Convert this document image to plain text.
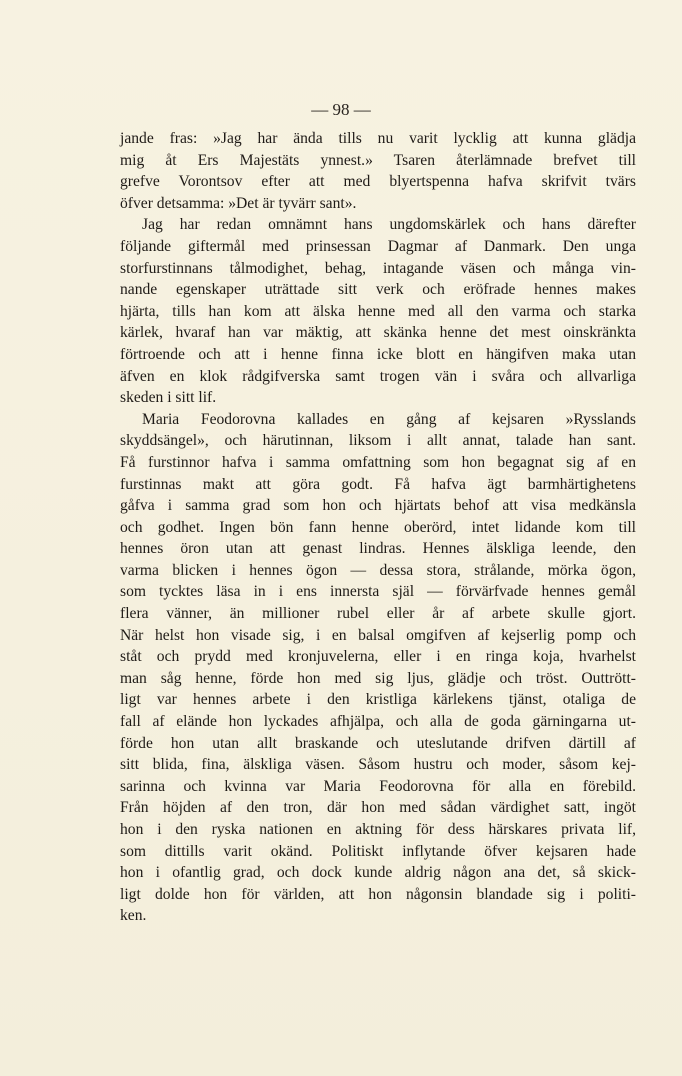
— 98 —
jande fras: »Jag har ända tills nu varit lycklig att kunna glädja
mig åt Ers Majestäts ynnest.» Tsaren återlämnade brefvet till
grefve Vorontsov efter att med blyertspenna hafva skrifvit tvärs
öfver detsamma: »Det är tyvärr sant».
Jag har redan omnämnt hans ungdomskärlek och hans därefter
följande giftermål med prinsessan Dagmar af Danmark. Den unga
storfurstinnans tålmodighet, behag, intagande väsen och många vin-
nande egenskaper uträttade sitt verk och eröfrade hennes makes
hjärta, tills han kom att älska henne med all den varma och starka
kärlek, hvaraf han var mäktig, att skänka henne det mest oinskränkta
förtroende och att i henne finna icke blott en hängifven maka utan
äfven en klok rådgifverska samt trogen vän i svåra och allvarliga
skeden i sitt lif.
Maria Feodorovna kallades en gång af kejsaren »Rysslands
skyddsängel», och härutinnan, liksom i allt annat, talade han sant.
Få furstinnor hafva i samma omfattning som hon begagnat sig af en
furstinnas makt att göra godt. Få hafva ägt barmhärtighetens
gåfva i samma grad som hon och hjärtats behof att visa medkänsla
och godhet. Ingen bön fann henne oberörd, intet lidande kom till
hennes öron utan att genast lindras. Hennes älskliga leende, den
varma blicken i hennes ögon — dessa stora, strålande, mörka ögon,
som tycktes läsa in i ens innersta själ — förvärfvade hennes gemål
flera vänner, än millioner rubel eller år af arbete skulle gjort.
När helst hon visade sig, i en balsal omgifven af kejserlig pomp och
ståt och prydd med kronjuvelerna, eller i en ringa koja, hvarhelst
man såg henne, förde hon med sig ljus, glädje och tröst. Outtrött-
ligt var hennes arbete i den kristliga kärlekens tjänst, otaliga de
fall af elände hon lyckades afhjälpa, och alla de goda gärningarna ut-
förde hon utan allt braskande och uteslutande drifven därtill af
sitt blida, fina, älskliga väsen. Såsom hustru och moder, såsom kej-
sarinna och kvinna var Maria Feodorovna för alla en förebild.
Från höjden af den tron, där hon med sådan värdighet satt, ingöt
hon i den ryska nationen en aktning för dess härskares privata lif,
som dittills varit okänd. Politiskt inflytande öfver kejsaren hade
hon i ofantlig grad, och dock kunde aldrig någon ana det, så skick-
ligt dolde hon för världen, att hon någonsin blandade sig i politi-
ken.
